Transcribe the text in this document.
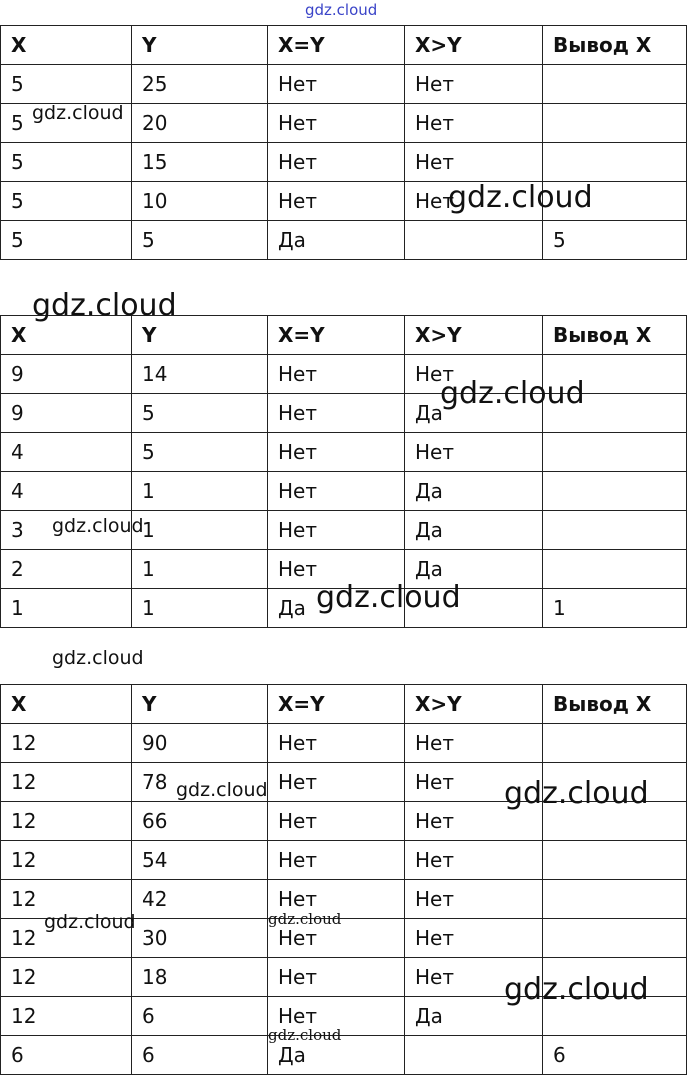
gdz.cloud
X	Y	X=Y	X>Y	Вывод X
5	25	Нет	Нет	
5	20	Нет	Нет	
5	15	Нет	Нет	
5	10	Нет	Нет	
5	5	Да		5
X	Y	X=Y	X>Y	Вывод X
9	14	Нет	Нет	
9	5	Нет	Да	
4	5	Нет	Нет	
4	1	Нет	Да	
3	1	Нет	Да	
2	1	Нет	Да	
1	1	Да		1
X	Y	X=Y	X>Y	Вывод X
12	90	Нет	Нет	
12	78	Нет	Нет	
12	66	Нет	Нет	
12	54	Нет	Нет	
12	42	Нет	Нет	
12	30	Нет	Нет	
12	18	Нет	Нет	
12	6	Нет	Да	
6	6	Да		6
gdz.cloud
gdz.cloud
gdz.cloud
gdz.cloud
gdz.cloud
gdz.cloud
gdz.cloud
gdz.cloud	gdz.cloud
gdz.cloud	gdz.cloud
gdz.cloud
gdz.cloud
